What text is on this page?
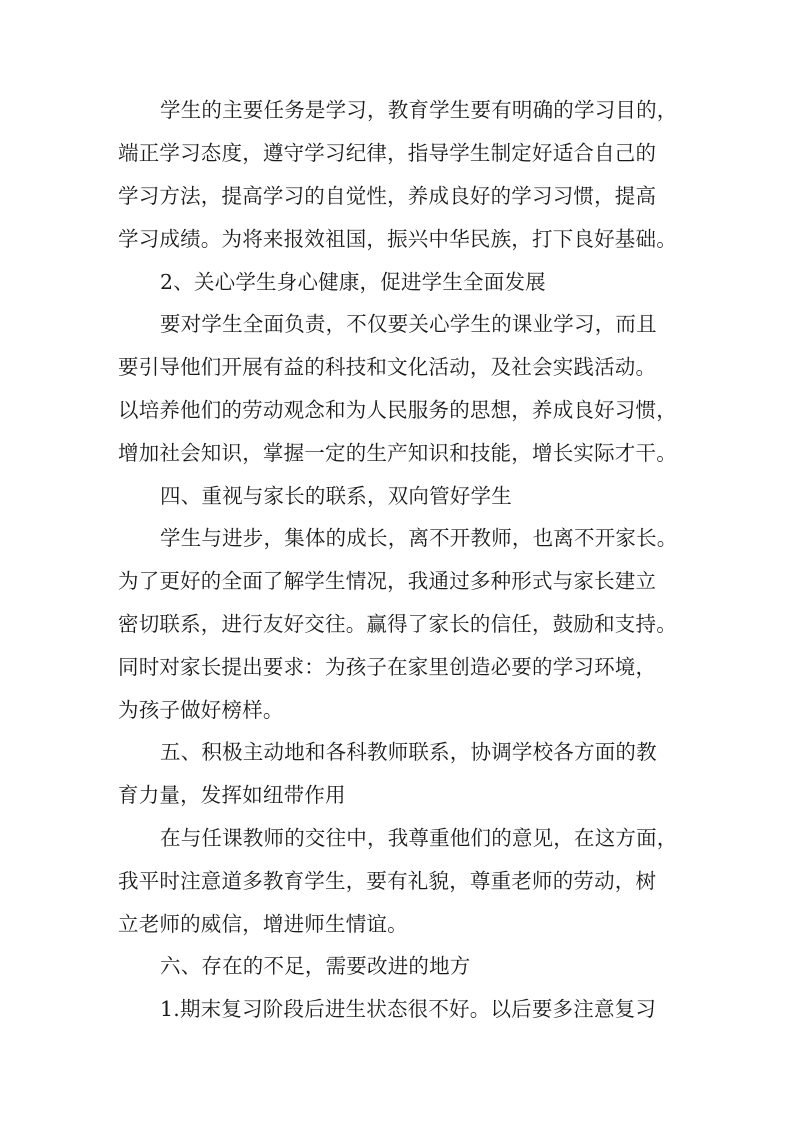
学生的主要任务是学习，教育学生要有明确的学习目的，
端正学习态度，遵守学习纪律，指导学生制定好适合自己的
学习方法，提高学习的自觉性，养成良好的学习习惯，提高
学习成绩。为将来报效祖国，振兴中华民族，打下良好基础。
2、关心学生身心健康，促进学生全面发展
要对学生全面负责，不仅要关心学生的课业学习，而且
要引导他们开展有益的科技和文化活动，及社会实践活动。
以培养他们的劳动观念和为人民服务的思想，养成良好习惯，
增加社会知识，掌握一定的生产知识和技能，增长实际才干。
四、重视与家长的联系，双向管好学生
学生与进步，集体的成长，离不开教师，也离不开家长。
为了更好的全面了解学生情况，我通过多种形式与家长建立
密切联系，进行友好交往。赢得了家长的信任，鼓励和支持。
同时对家长提出要求：为孩子在家里创造必要的学习环境，
为孩子做好榜样。
五、积极主动地和各科教师联系，协调学校各方面的教
育力量，发挥如纽带作用
在与任课教师的交往中，我尊重他们的意见，在这方面，
我平时注意道多教育学生，要有礼貌，尊重老师的劳动，树
立老师的威信，增进师生情谊。
六、存在的不足，需要改进的地方
1.期末复习阶段后进生状态很不好。以后要多注意复习
